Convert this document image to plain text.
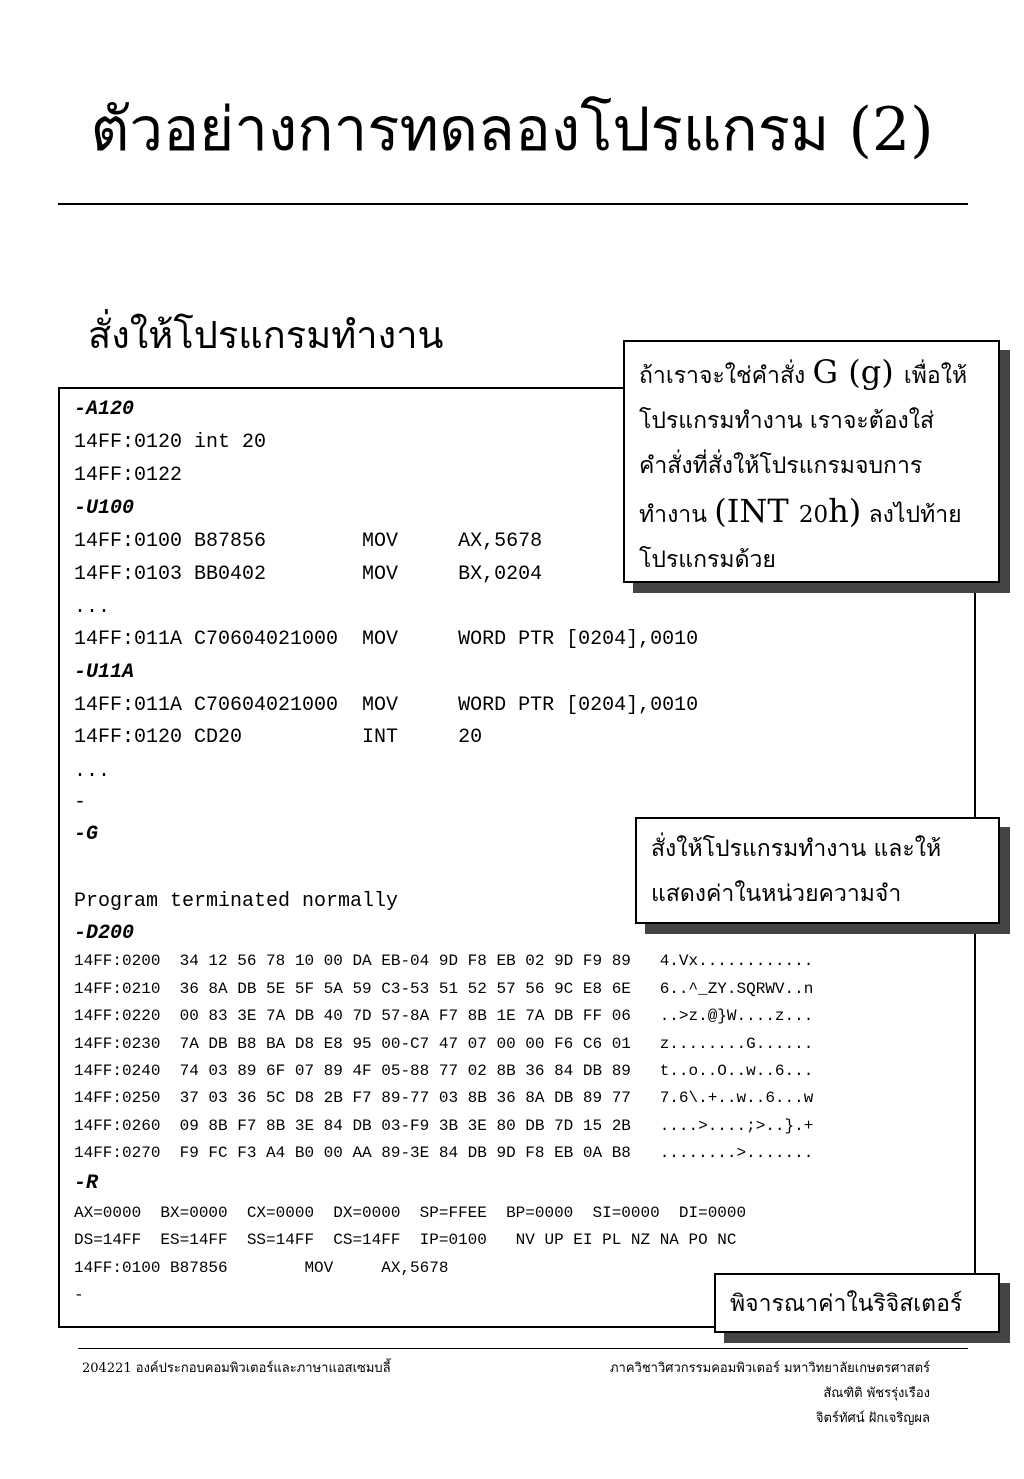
ตัวอย่างการทดลองโปรแกรม (2)
สั่งให้โปรแกรมทำงาน
-A120
14FF:0120 int 20
14FF:0122
-U100
14FF:0100 B87856        MOV     AX,5678
14FF:0103 BB0402        MOV     BX,0204
...
14FF:011A C70604021000  MOV     WORD PTR [0204],0010
-U11A
14FF:011A C70604021000  MOV     WORD PTR [0204],0010
14FF:0120 CD20          INT     20
...
-
-G
Program terminated normally
-D200
14FF:0200  34 12 56 78 10 00 DA EB-04 9D F8 EB 02 9D F9 89   4.Vx............
14FF:0210  36 8A DB 5E 5F 5A 59 C3-53 51 52 57 56 9C E8 6E   6..^_ZY.SQRWV..n
14FF:0220  00 83 3E 7A DB 40 7D 57-8A F7 8B 1E 7A DB FF 06   ..>z.@}W....z...
14FF:0230  7A DB B8 BA D8 E8 95 00-C7 47 07 00 00 F6 C6 01   z........G......
14FF:0240  74 03 89 6F 07 89 4F 05-88 77 02 8B 36 84 DB 89   t..o..O..w..6...
14FF:0250  37 03 36 5C D8 2B F7 89-77 03 8B 36 8A DB 89 77   7.6\.+..w..6...w
14FF:0260  09 8B F7 8B 3E 84 DB 03-F9 3B 3E 80 DB 7D 15 2B   ....>....;>..}.+
14FF:0270  F9 FC F3 A4 B0 00 AA 89-3E 84 DB 9D F8 EB 0A B8   ........>.......
-R
AX=0000  BX=0000  CX=0000  DX=0000  SP=FFEE  BP=0000  SI=0000  DI=0000
DS=14FF  ES=14FF  SS=14FF  CS=14FF  IP=0100   NV UP EI PL NZ NA PO NC
14FF:0100 B87856        MOV     AX,5678
-
ถ้าเราจะใช่คำสั่ง G (g) เพื่อให้
โปรแกรมทำงาน เราจะต้องใส่
คำสั่งที่สั่งให้โปรแกรมจบการ
ทำงาน (INT 20h) ลงไปท้าย
โปรแกรมด้วย
สั่งให้โปรแกรมทำงาน และให้
แสดงค่าในหน่วยความจำ
พิจารณาค่าในริจิสเตอร์
204221 องค์ประกอบคอมพิวเตอร์และภาษาแอสเซมบลี้	ภาควิชาวิศวกรรมคอมพิวเตอร์ มหาวิทยาลัยเกษตรศาสตร์
สัณฑิติ พัชรรุ่งเรือง
จิตร์ทัศน์ ฝักเจริญผล
